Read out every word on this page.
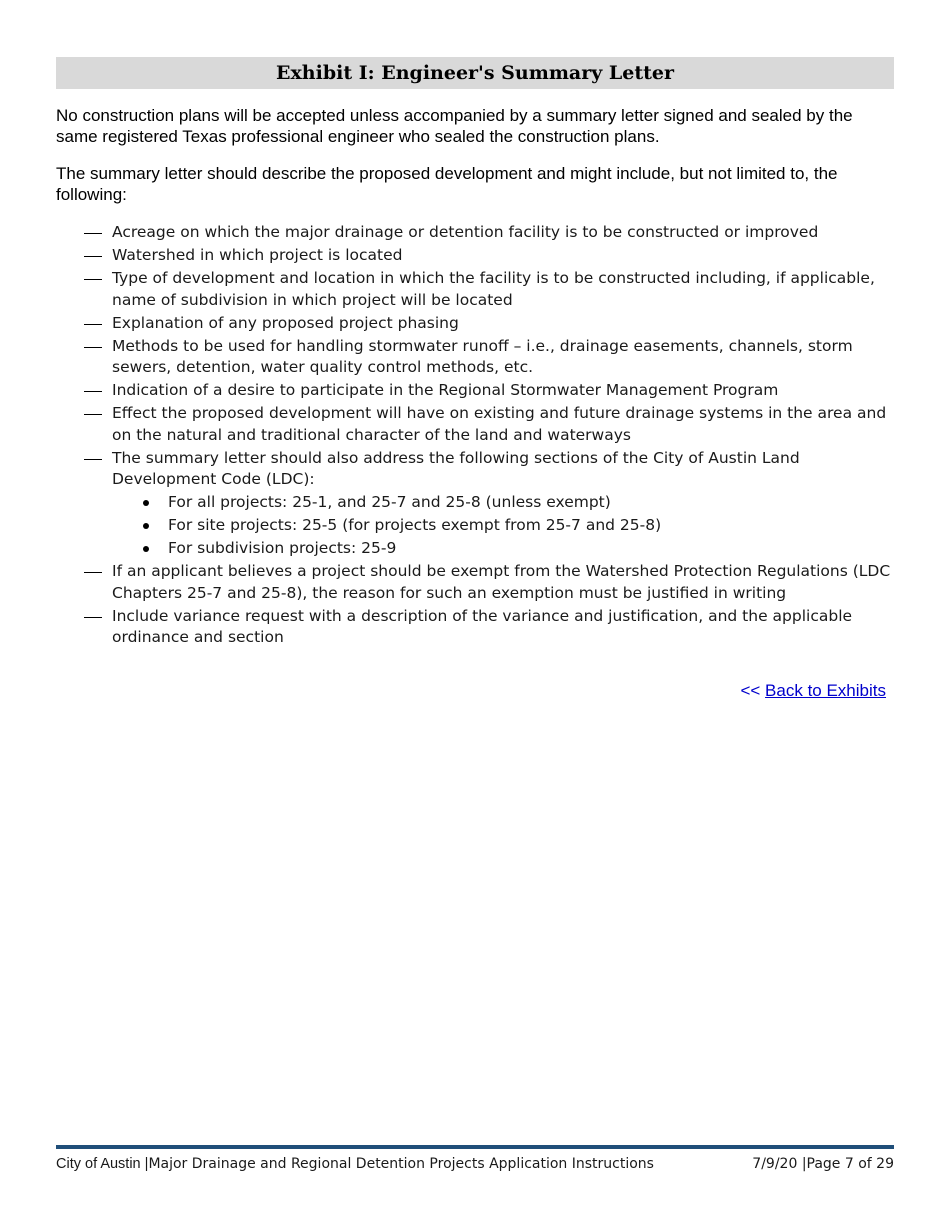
Exhibit I: Engineer's Summary Letter

No construction plans will be accepted unless accompanied by a summary letter signed and sealed by the same registered Texas professional engineer who sealed the construction plans.

The summary letter should describe the proposed development and might include, but not limited to, the following:

Acreage on which the major drainage or detention facility is to be constructed or improved
Watershed in which project is located
Type of development and location in which the facility is to be constructed including, if applicable, name of subdivision in which project will be located
Explanation of any proposed project phasing
Methods to be used for handling stormwater runoff – i.e., drainage easements, channels, storm sewers, detention, water quality control methods, etc.
Indication of a desire to participate in the Regional Stormwater Management Program
Effect the proposed development will have on existing and future drainage systems in the area and on the natural and traditional character of the land and waterways
The summary letter should also address the following sections of the City of Austin Land Development Code (LDC):
For all projects: 25-1, and 25-7 and 25-8 (unless exempt)
For site projects: 25-5 (for projects exempt from 25-7 and 25-8)
For subdivision projects: 25-9
If an applicant believes a project should be exempt from the Watershed Protection Regulations (LDC Chapters 25-7 and 25-8), the reason for such an exemption must be justified in writing
Include variance request with a description of the variance and justification, and the applicable ordinance and section
<< Back to Exhibits
City of Austin |Major Drainage and Regional Detention Projects Application Instructions	7/9/20 |Page 7 of 29
